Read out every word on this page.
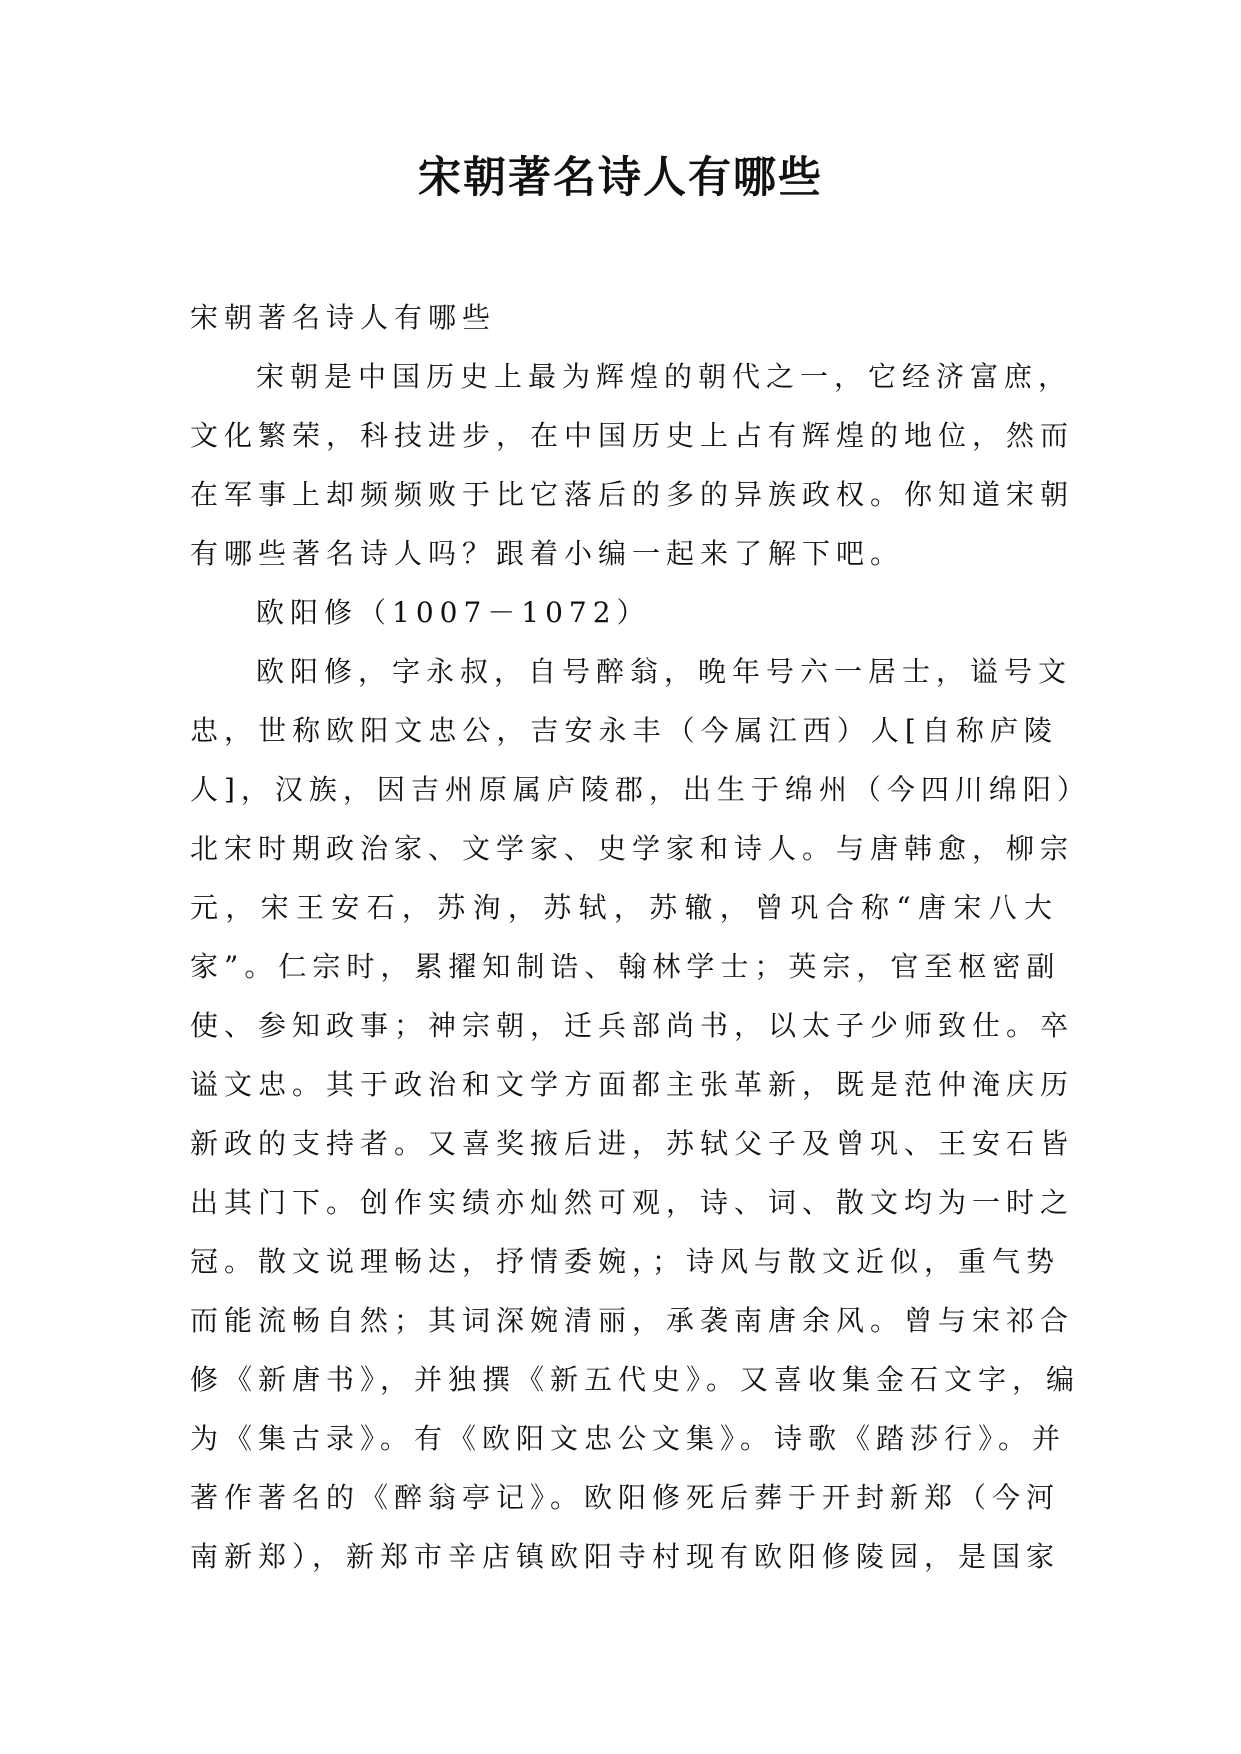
宋朝著名诗人有哪些
宋朝著名诗人有哪些
宋朝是中国历史上最为辉煌的朝代之一，它经济富庶，
文化繁荣，科技进步，在中国历史上占有辉煌的地位，然而
在军事上却频频败于比它落后的多的异族政权。你知道宋朝
有哪些著名诗人吗？跟着小编一起来了解下吧。
欧阳修（1007－1072）
欧阳修，字永叔，自号醉翁，晚年号六一居士，谥号文
忠，世称欧阳文忠公，吉安永丰（今属江西）人[自称庐陵
人]，汉族，因吉州原属庐陵郡，出生于绵州（今四川绵阳）
北宋时期政治家、文学家、史学家和诗人。与唐韩愈，柳宗
元，宋王安石，苏洵，苏轼，苏辙，曾巩合称“唐宋八大
家”。仁宗时，累擢知制诰、翰林学士；英宗，官至枢密副
使、参知政事；神宗朝，迁兵部尚书，以太子少师致仕。卒
谥文忠。其于政治和文学方面都主张革新，既是范仲淹庆历
新政的支持者。又喜奖掖后进，苏轼父子及曾巩、王安石皆
出其门下。创作实绩亦灿然可观，诗、词、散文均为一时之
冠。散文说理畅达，抒情委婉，；诗风与散文近似，重气势
而能流畅自然；其词深婉清丽，承袭南唐余风。曾与宋祁合
修《新唐书》，并独撰《新五代史》。又喜收集金石文字，编
为《集古录》。有《欧阳文忠公文集》。诗歌《踏莎行》。并
著作著名的《醉翁亭记》。欧阳修死后葬于开封新郑（今河
南新郑），新郑市辛店镇欧阳寺村现有欧阳修陵园，是国家
